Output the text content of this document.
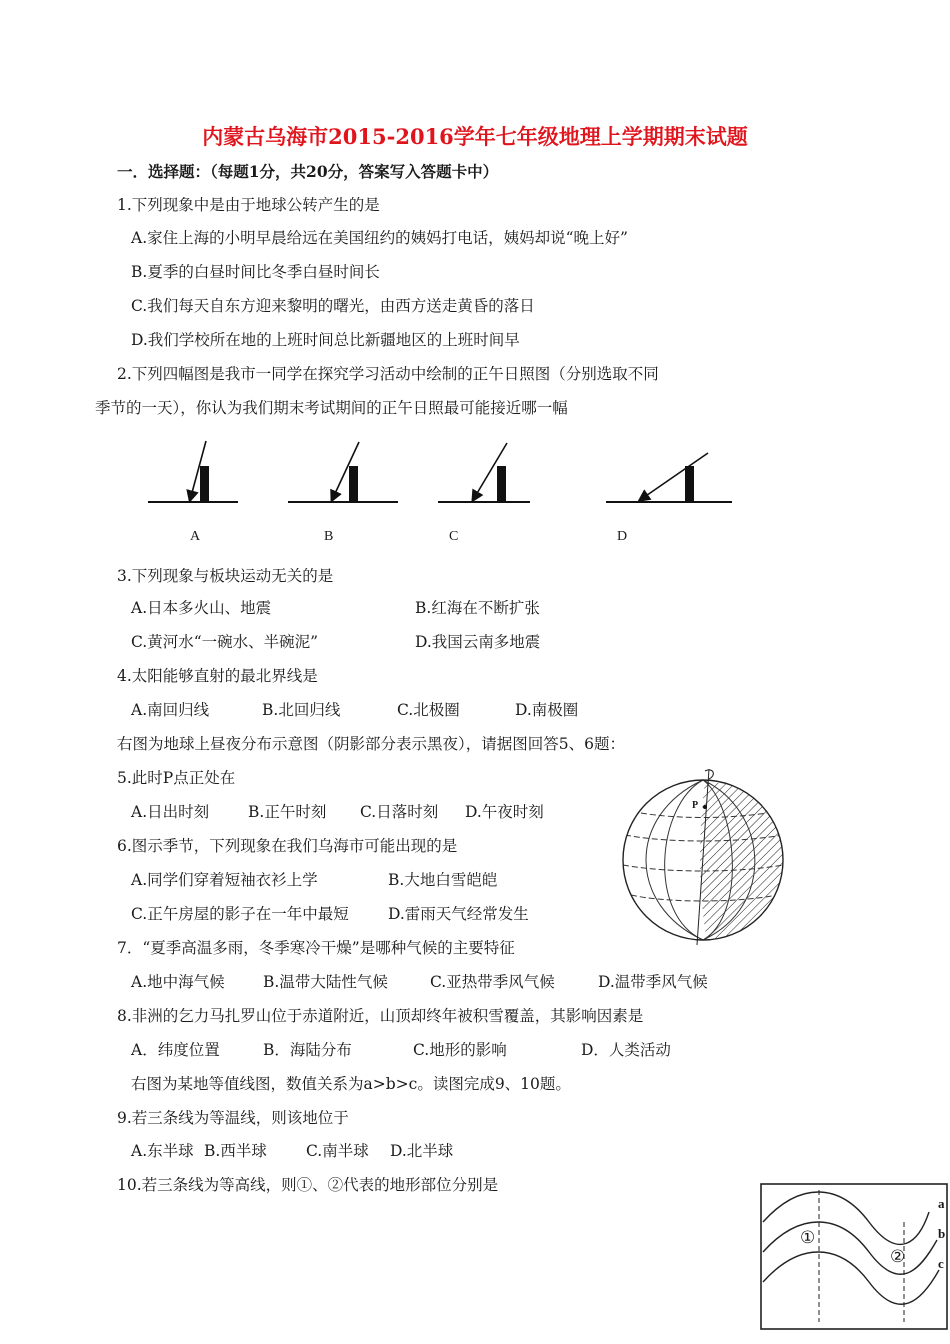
内蒙古乌海市2015-2016学年七年级地理上学期期末试题
一．选择题：（每题1分，共20分，答案写入答题卡中）
1.下列现象中是由于地球公转产生的是
A.家住上海的小明早晨给远在美国纽约的姨妈打电话，姨妈却说“晚上好”
B.夏季的白昼时间比冬季白昼时间长
C.我们每天自东方迎来黎明的曙光，由西方送走黄昏的落日
D.我们学校所在地的上班时间总比新疆地区的上班时间早
2.下列四幅图是我市一同学在探究学习活动中绘制的正午日照图（分别选取不同
季节的一天），你认为我们期末考试期间的正午日照最可能接近哪一幅
A	B	C	D
3.下列现象与板块运动无关的是
A.日本多火山、地震	B.红海在不断扩张
C.黄河水“一碗水、半碗泥”	D.我国云南多地震
4.太阳能够直射的最北界线是
A.南回归线	B.北回归线	C.北极圈	D.南极圈
右图为地球上昼夜分布示意图（阴影部分表示黑夜），请据图回答5、6题：
5.此时P点正处在
A.日出时刻	B.正午时刻 C.日落时刻 D.午夜时刻	P
6.图示季节，下列现象在我们乌海市可能出现的是
A.同学们穿着短袖衣衫上学	B.大地白雪皑皑
C.正午房屋的影子在一年中最短	D.雷雨天气经常发生
7．“夏季高温多雨，冬季寒冷干燥”是哪种气候的主要特征
A.地中海气候 B.温带大陆性气候	C.亚热带季风气候	D.温带季风气候
8.非洲的乞力马扎罗山位于赤道附近，山顶却终年被积雪覆盖，其影响因素是
A．纬度位置	B．海陆分布	C.地形的影响	D．人类活动
右图为某地等值线图，数值关系为a>b>c。读图完成9、10题。
9.若三条线为等温线，则该地位于
A.东半球 B.西半球	C.南半球 D.北半球
10.若三条线为等高线，则①、②代表的地形部位分别是
a
b
c
①
②
